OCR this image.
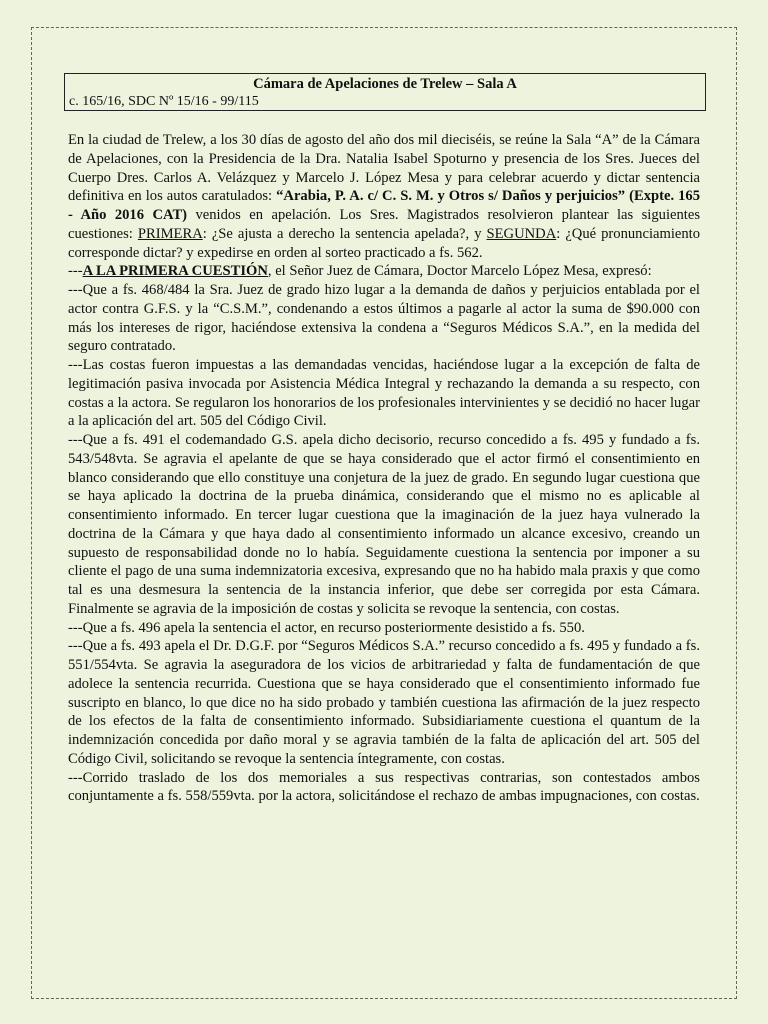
Cámara de Apelaciones de Trelew – Sala A
c. 165/16, SDC Nº 15/16 - 99/115

En la ciudad de Trelew, a los 30 días de agosto del año dos mil dieciséis, se reúne la Sala “A” de la Cámara de Apelaciones, con la Presidencia de la Dra. Natalia Isabel Spoturno y presencia de los Sres. Jueces del Cuerpo Dres. Carlos A. Velázquez y Marcelo J. López Mesa y para celebrar acuerdo y dictar sentencia definitiva en los autos caratulados: “Arabia, P. A. c/ C. S. M. y Otros s/ Daños y perjuicios” (Expte. 165 - Año 2016 CAT) venidos en apelación. Los Sres. Magistrados resolvieron plantear las siguientes cuestiones: PRIMERA: ¿Se ajusta a derecho la sentencia apelada?, y SEGUNDA: ¿Qué pronunciamiento corresponde dictar? y expedirse en orden al sorteo practicado a fs. 562.

---A LA PRIMERA CUESTIÓN, el Señor Juez de Cámara, Doctor Marcelo López Mesa, expresó:

---Que a fs. 468/484 la Sra. Juez de grado hizo lugar a la demanda de daños y perjuicios entablada por el actor contra G.F.S. y la “C.S.M.”, condenando a estos últimos a pagarle al actor la suma de $90.000 con más los intereses de rigor, haciéndose extensiva la condena a “Seguros Médicos S.A.”, en la medida del seguro contratado.

---Las costas fueron impuestas a las demandadas vencidas, haciéndose lugar a la excepción de falta de legitimación pasiva invocada por Asistencia Médica Integral y rechazando la demanda a su respecto, con costas a la actora. Se regularon los honorarios de los profesionales intervinientes y se decidió no hacer lugar a la aplicación del art. 505 del Código Civil.

---Que a fs. 491 el codemandado G.S. apela dicho decisorio, recurso concedido a fs. 495 y fundado a fs. 543/548vta. Se agravia el apelante de que se haya considerado que el actor firmó el consentimiento en blanco considerando que ello constituye una conjetura de la juez de grado. En segundo lugar cuestiona que se haya aplicado la doctrina de la prueba dinámica, considerando que el mismo no es aplicable al consentimiento informado. En tercer lugar cuestiona que la imaginación de la juez haya vulnerado la doctrina de la Cámara y que haya dado al consentimiento informado un alcance excesivo, creando un supuesto de responsabilidad donde no lo había. Seguidamente cuestiona la sentencia por imponer a su cliente el pago de una suma indemnizatoria excesiva, expresando que no ha habido mala praxis y que como tal es una desmesura la sentencia de la instancia inferior, que debe ser corregida por esta Cámara. Finalmente se agravia de la imposición de costas y solicita se revoque la sentencia, con costas.

---Que a fs. 496 apela la sentencia el actor, en recurso posteriormente desistido a fs. 550.

---Que a fs. 493 apela el Dr. D.G.F. por “Seguros Médicos S.A.” recurso concedido a fs. 495 y fundado a fs. 551/554vta. Se agravia la aseguradora de los vicios de arbitrariedad y falta de fundamentación de que adolece la sentencia recurrida. Cuestiona que se haya considerado que el consentimiento informado fue suscripto en blanco, lo que dice no ha sido probado y también cuestiona las afirmación de la juez respecto de los efectos de la falta de consentimiento informado. Subsidiariamente cuestiona el quantum de la indemnización concedida por daño moral y se agravia también de la falta de aplicación del art. 505 del Código Civil, solicitando se revoque la sentencia íntegramente, con costas.

---Corrido traslado de los dos memoriales a sus respectivas contrarias, son contestados ambos conjuntamente a fs. 558/559vta. por la actora, solicitándose el rechazo de ambas impugnaciones, con costas.
